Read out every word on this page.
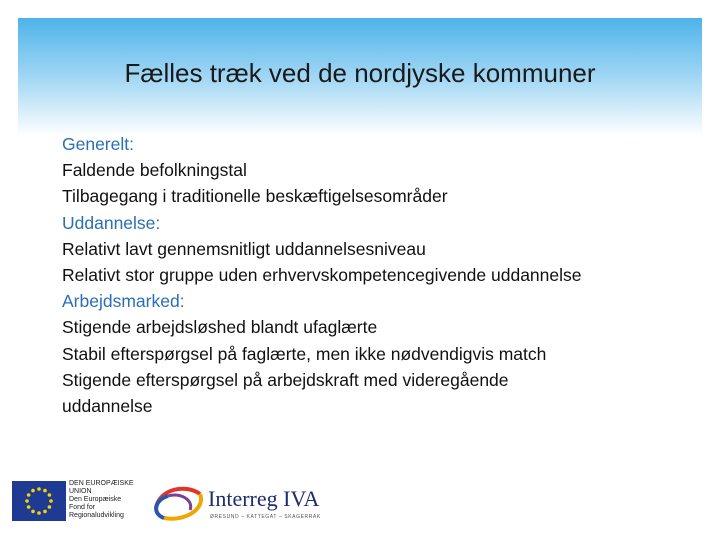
Fælles træk ved de nordjyske kommuner
Generelt:
Faldende befolkningstal
Tilbagegang i traditionelle beskæftigelsesområder
Uddannelse:
Relativt lavt gennemsnitligt uddannelsesniveau
Relativt stor gruppe uden erhvervskompetencegivende uddannelse
Arbejdsmarked:
Stigende arbejdsløshed blandt ufaglærte
Stabil efterspørgsel på faglærte, men ikke nødvendigvis match
Stigende efterspørgsel på arbejdskraft med videregående uddannelse
DEN EUROPÆISKE
UNION
Den Europæiske
Fond for
Regionaludvikling
Interreg IVA
ØRESUND – KATTEGAT – SKAGERRAK
